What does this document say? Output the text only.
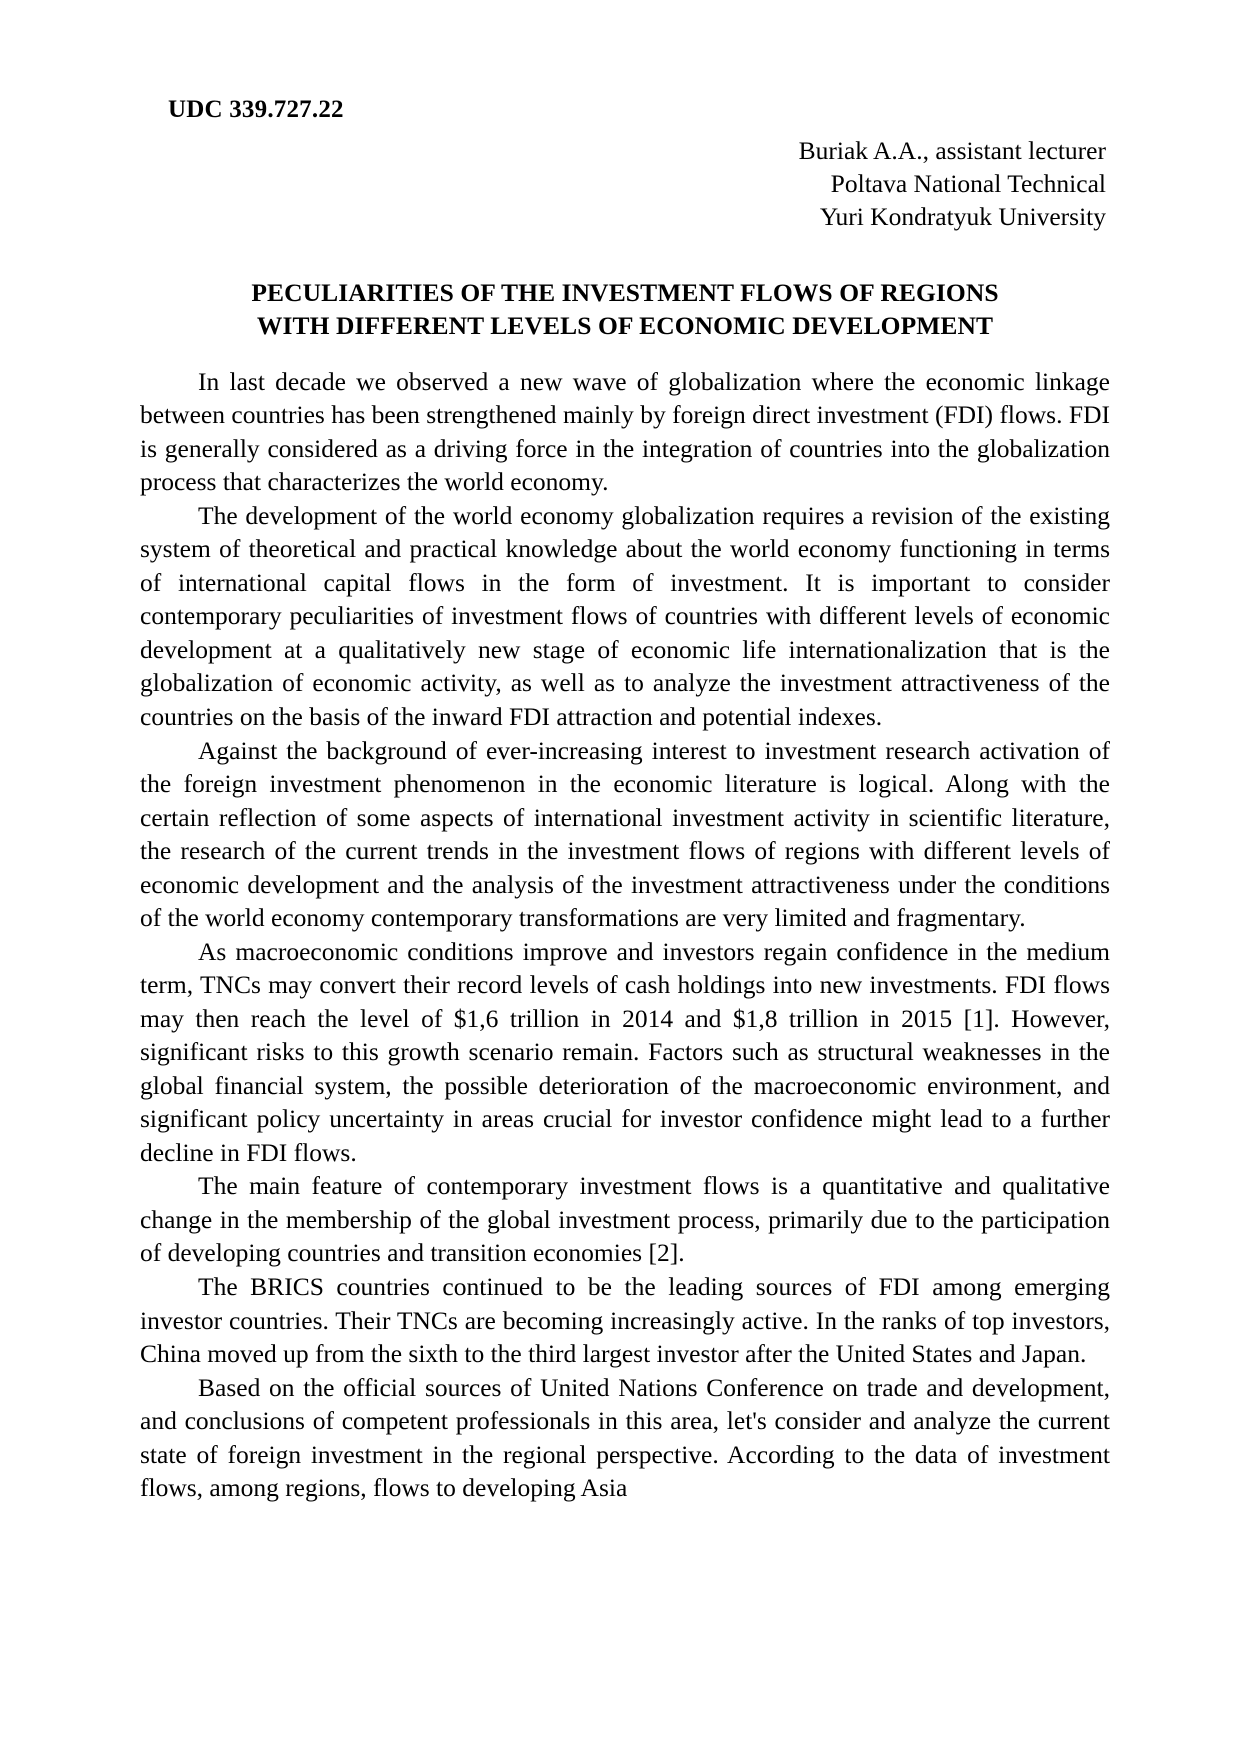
UDC 339.727.22
Buriak A.A., assistant lecturer
Poltava National Technical
Yuri Kondratyuk University
PECULIARITIES OF THE INVESTMENT FLOWS OF REGIONS
WITH DIFFERENT LEVELS OF ECONOMIC DEVELOPMENT

In last decade we observed a new wave of globalization where the economic linkage between countries has been strengthened mainly by foreign direct investment (FDI) flows. FDI is generally considered as a driving force in the integration of countries into the globalization process that characterizes the world economy.

The development of the world economy globalization requires a revision of the existing system of theoretical and practical knowledge about the world economy functioning in terms of international capital flows in the form of investment. It is important to consider contemporary peculiarities of investment flows of countries with different levels of economic development at a qualitatively new stage of economic life internationalization that is the globalization of economic activity, as well as to analyze the investment attractiveness of the countries on the basis of the inward FDI attraction and potential indexes.

Against the background of ever-increasing interest to investment research activation of the foreign investment phenomenon in the economic literature is logical. Along with the certain reflection of some aspects of international investment activity in scientific literature, the research of the current trends in the investment flows of regions with different levels of economic development and the analysis of the investment attractiveness under the conditions of the world economy contemporary transformations are very limited and fragmentary.

As macroeconomic conditions improve and investors regain confidence in the medium term, TNCs may convert their record levels of cash holdings into new investments. FDI flows may then reach the level of $1,6 trillion in 2014 and $1,8 trillion in 2015 [1]. However, significant risks to this growth scenario remain. Factors such as structural weaknesses in the global financial system, the possible deterioration of the macroeconomic environment, and significant policy uncertainty in areas crucial for investor confidence might lead to a further decline in FDI flows.

The main feature of contemporary investment flows is a quantitative and qualitative change in the membership of the global investment process, primarily due to the participation of developing countries and transition economies [2].

The BRICS countries continued to be the leading sources of FDI among emerging investor countries. Their TNCs are becoming increasingly active. In the ranks of top investors, China moved up from the sixth to the third largest investor after the United States and Japan.

Based on the official sources of United Nations Conference on trade and development, and conclusions of competent professionals in this area, let's consider and analyze the current state of foreign investment in the regional perspective. According to the data of investment flows, among regions, flows to developing Asia
